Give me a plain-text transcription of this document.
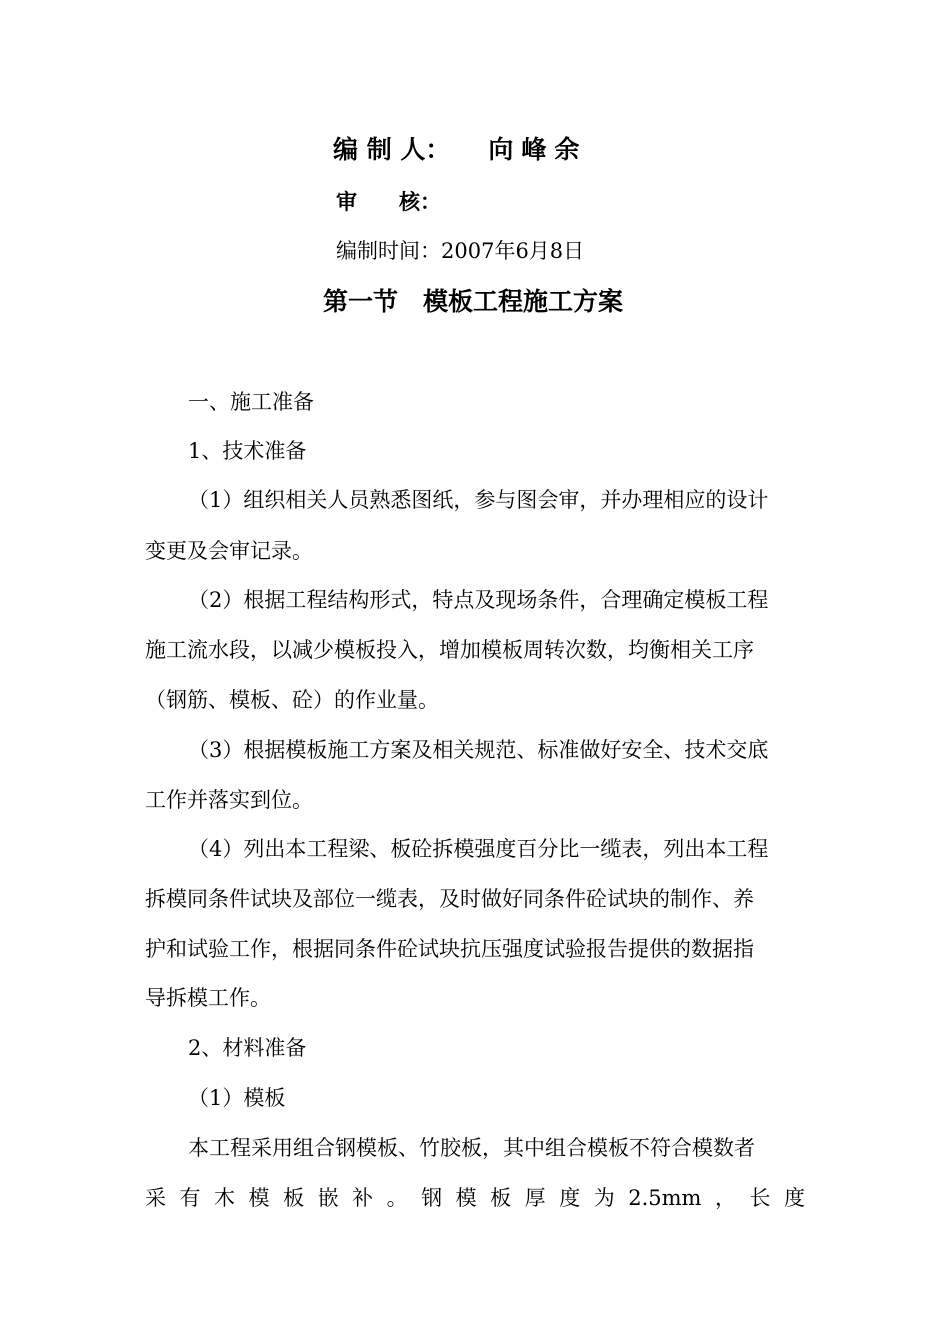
编 制 人： 向峰余
审　　核：
编制时间：2007年6月8日
第一节　模板工程施工方案
一、施工准备
1、技术准备
（1）组织相关人员熟悉图纸，参与图会审，并办理相应的设计
变更及会审记录。
（2）根据工程结构形式，特点及现场条件，合理确定模板工程
施工流水段，以减少模板投入，增加模板周转次数，均衡相关工序
（钢筋、模板、砼）的作业量。
（3）根据模板施工方案及相关规范、标准做好安全、技术交底
工作并落实到位。
（4）列出本工程梁、板砼拆模强度百分比一缆表，列出本工程
拆模同条件试块及部位一缆表，及时做好同条件砼试块的制作、养
护和试验工作，根据同条件砼试块抗压强度试验报告提供的数据指
导拆模工作。
2、材料准备
（1）模板
本工程采用组合钢模板、竹胶板，其中组合模板不符合模数者
采 有 木 模 板 嵌 补 。 钢 模 板 厚 度 为 2.5mm ， 长 度
